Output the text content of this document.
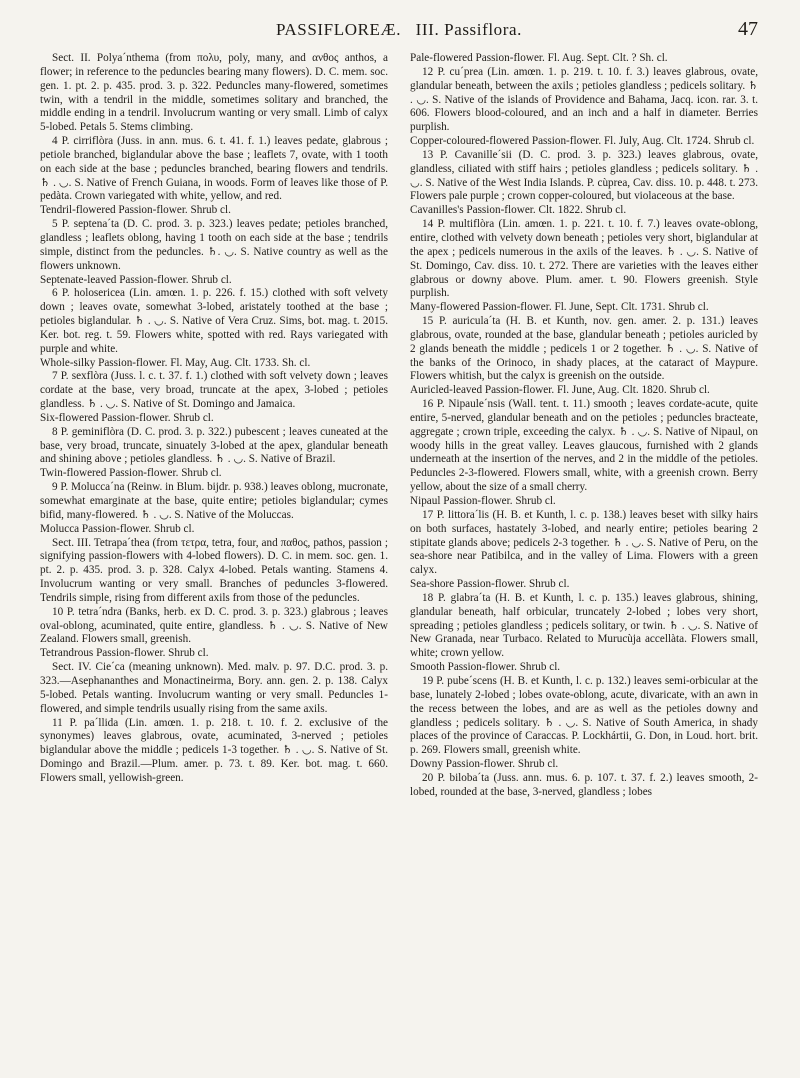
PASSIFLOREÆ. III. Passiflora.	47

Sect. II. Polya´nthema (from πολυ, poly, many, and ανθος anthos, a flower; in reference to the peduncles bearing many flowers). D. C. mem. soc. gen. 1. pt. 2. p. 435. prod. 3. p. 322. Peduncles many-flowered, sometimes twin, with a tendril in the middle, sometimes solitary and branched, the middle ending in a tendril. Involucrum wanting or very small. Limb of calyx 5-lobed. Petals 5. Stems climbing.

4 P. cirriflòra (Juss. in ann. mus. 6. t. 41. f. 1.) leaves pedate, glabrous ; petiole branched, biglandular above the base ; leaflets 7, ovate, with 1 tooth on each side at the base ; peduncles branched, bearing flowers and tendrils. ♄ . ◡. S. Native of French Guiana, in woods. Form of leaves like those of P. pedàta. Crown variegated with white, yellow, and red.

Tendril-flowered Passion-flower. Shrub cl.

5 P. septena´ta (D. C. prod. 3. p. 323.) leaves pedate; petioles branched, glandless ; leaflets oblong, having 1 tooth on each side at the base ; tendrils simple, distinct from the peduncles. ♄. ◡. S. Native country as well as the flowers unknown.

Septenate-leaved Passion-flower. Shrub cl.

6 P. holosericea (Lin. amœn. 1. p. 226. f. 15.) clothed with soft velvety down ; leaves ovate, somewhat 3-lobed, aristately toothed at the base ; petioles biglandular. ♄ . ◡. S. Native of Vera Cruz. Sims, bot. mag. t. 2015. Ker. bot. reg. t. 59. Flowers white, spotted with red. Rays variegated with purple and white.

Whole-silky Passion-flower. Fl. May, Aug. Clt. 1733. Sh. cl.

7 P. sexflòra (Juss. l. c. t. 37. f. 1.) clothed with soft velvety down ; leaves cordate at the base, very broad, truncate at the apex, 3-lobed ; petioles glandless. ♄ . ◡. S. Native of St. Domingo and Jamaica.

Six-flowered Passion-flower. Shrub cl.

8 P. geminiflòra (D. C. prod. 3. p. 322.) pubescent ; leaves cuneated at the base, very broad, truncate, sinuately 3-lobed at the apex, glandular beneath and shining above ; petioles glandless. ♄ . ◡. S. Native of Brazil.

Twin-flowered Passion-flower. Shrub cl.

9 P. Molucca´na (Reinw. in Blum. bijdr. p. 938.) leaves oblong, mucronate, somewhat emarginate at the base, quite entire; petioles biglandular; cymes bifid, many-flowered. ♄ . ◡. S. Native of the Moluccas.

Molucca Passion-flower. Shrub cl.

Sect. III. Tetrapa´thea (from τετρα, tetra, four, and παθος, pathos, passion ; signifying passion-flowers with 4-lobed flowers). D. C. in mem. soc. gen. 1. pt. 2. p. 435. prod. 3. p. 328. Calyx 4-lobed. Petals wanting. Stamens 4. Involucrum wanting or very small. Branches of peduncles 3-flowered. Tendrils simple, rising from different axils from those of the peduncles.

10 P. tetra´ndra (Banks, herb. ex D. C. prod. 3. p. 323.) glabrous ; leaves oval-oblong, acuminated, quite entire, glandless. ♄ . ◡. S. Native of New Zealand. Flowers small, greenish.

Tetrandrous Passion-flower. Shrub cl.

Sect. IV. Cie´ca (meaning unknown). Med. malv. p. 97. D.C. prod. 3. p. 323.—Asephananthes and Monactineirma, Bory. ann. gen. 2. p. 138. Calyx 5-lobed. Petals wanting. Involucrum wanting or very small. Peduncles 1-flowered, and simple tendrils usually rising from the same axils.

11 P. pa´llida (Lin. amœn. 1. p. 218. t. 10. f. 2. exclusive of the synonymes) leaves glabrous, ovate, acuminated, 3-nerved ; petioles biglandular above the middle ; pedicels 1-3 together. ♄ . ◡. S. Native of St. Domingo and Brazil.—Plum. amer. p. 73. t. 89. Ker. bot. mag. t. 660. Flowers small, yellowish-green.

Pale-flowered Passion-flower. Fl. Aug. Sept. Clt. ? Sh. cl.

12 P. cu´prea (Lin. amœn. 1. p. 219. t. 10. f. 3.) leaves glabrous, ovate, glandular beneath, between the axils ; petioles glandless ; pedicels solitary. ♄ . ◡. S. Native of the islands of Providence and Bahama, Jacq. icon. rar. 3. t. 606. Flowers blood-coloured, and an inch and a half in diameter. Berries purplish.

Copper-coloured-flowered Passion-flower. Fl. July, Aug. Clt. 1724. Shrub cl.

13 P. Cavanille´sii (D. C. prod. 3. p. 323.) leaves glabrous, ovate, glandless, ciliated with stiff hairs ; petioles glandless ; pedicels solitary. ♄ . ◡. S. Native of the West India Islands. P. cùprea, Cav. diss. 10. p. 448. t. 273. Flowers pale purple ; crown copper-coloured, but violaceous at the base.

Cavanilles's Passion-flower. Clt. 1822. Shrub cl.

14 P. multiflòra (Lin. amœn. 1. p. 221. t. 10. f. 7.) leaves ovate-oblong, entire, clothed with velvety down beneath ; petioles very short, biglandular at the apex ; pedicels numerous in the axils of the leaves. ♄ . ◡. S. Native of St. Domingo, Cav. diss. 10. t. 272. There are varieties with the leaves either glabrous or downy above. Plum. amer. t. 90. Flowers greenish. Style purplish.

Many-flowered Passion-flower. Fl. June, Sept. Clt. 1731. Shrub cl.

15 P. auricula´ta (H. B. et Kunth, nov. gen. amer. 2. p. 131.) leaves glabrous, ovate, rounded at the base, glandular beneath ; petioles auricled by 2 glands beneath the middle ; pedicels 1 or 2 together. ♄ . ◡. S. Native of the banks of the Orinoco, in shady places, at the cataract of Maypure. Flowers whitish, but the calyx is greenish on the outside.

Auricled-leaved Passion-flower. Fl. June, Aug. Clt. 1820. Shrub cl.

16 P. Nipaule´nsis (Wall. tent. t. 11.) smooth ; leaves cordate-acute, quite entire, 5-nerved, glandular beneath and on the petioles ; peduncles bracteate, aggregate ; crown triple, exceeding the calyx. ♄ . ◡. S. Native of Nipaul, on woody hills in the great valley. Leaves glaucous, furnished with 2 glands underneath at the insertion of the nerves, and 2 in the middle of the petioles. Peduncles 2-3-flowered. Flowers small, white, with a greenish crown. Berry yellow, about the size of a small cherry.

Nipaul Passion-flower. Shrub cl.

17 P. littora´lis (H. B. et Kunth, l. c. p. 138.) leaves beset with silky hairs on both surfaces, hastately 3-lobed, and nearly entire; petioles bearing 2 stipitate glands above; pedicels 2-3 together. ♄ . ◡. S. Native of Peru, on the sea-shore near Patibilca, and in the valley of Lima. Flowers with a green calyx.

Sea-shore Passion-flower. Shrub cl.

18 P. glabra´ta (H. B. et Kunth, l. c. p. 135.) leaves glabrous, shining, glandular beneath, half orbicular, truncately 2-lobed ; lobes very short, spreading ; petioles glandless ; pedicels solitary, or twin. ♄ . ◡. S. Native of New Granada, near Turbaco. Related to Murucùja accellàta. Flowers small, white; crown yellow.

Smooth Passion-flower. Shrub cl.

19 P. pube´scens (H. B. et Kunth, l. c. p. 132.) leaves semi-orbicular at the base, lunately 2-lobed ; lobes ovate-oblong, acute, divaricate, with an awn in the recess between the lobes, and are as well as the petioles downy and glandless ; pedicels solitary. ♄ . ◡. S. Native of South America, in shady places of the province of Caraccas. P. Lockhártii, G. Don, in Loud. hort. brit. p. 269. Flowers small, greenish white.

Downy Passion-flower. Shrub cl.

20 P. biloba´ta (Juss. ann. mus. 6. p. 107. t. 37. f. 2.) leaves smooth, 2-lobed, rounded at the base, 3-nerved, glandless ; lobes
